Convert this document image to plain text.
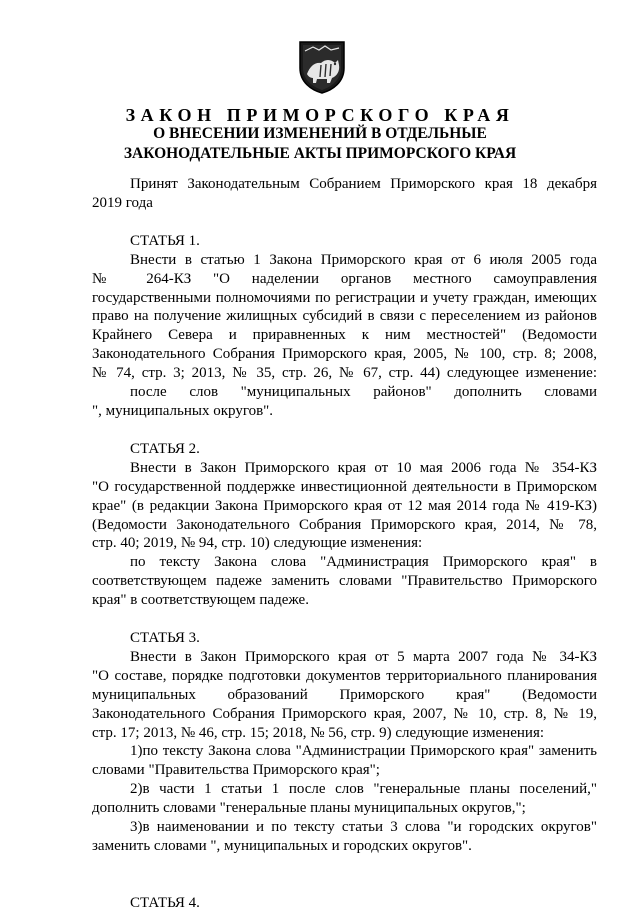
ЗАКОН ПРИМОРСКОГО КРАЯ
О ВНЕСЕНИИ ИЗМЕНЕНИЙ В ОТДЕЛЬНЫЕ
ЗАКОНОДАТЕЛЬНЫЕ АКТЫ ПРИМОРСКОГО КРАЯ

Принят Законодательным Собранием Приморского края 18 декабря

2019 года

СТАТЬЯ 1.

Внести в статью 1 Закона Приморского края от 6 июля 2005 года

№ 264-КЗ "О наделении органов местного самоуправления

государственными полномочиями по регистрации и учету граждан, имеющих

право на получение жилищных субсидий в связи с переселением из районов

Крайнего Севера и приравненных к ним местностей" (Ведомости

Законодательного Собрания Приморского края, 2005, № 100, стр. 8; 2008,

№ 74, стр. 3; 2013, № 35, стр. 26, № 67, стр. 44) следующее изменение:

после слов "муниципальных районов" дополнить словами

", муниципальных округов".

СТАТЬЯ 2.

Внести в Закон Приморского края от 10 мая 2006 года № 354-КЗ

"О государственной поддержке инвестиционной деятельности в Приморском

крае" (в редакции Закона Приморского края от 12 мая 2014 года № 419-КЗ)

(Ведомости Законодательного Собрания Приморского края, 2014, № 78,

стр. 40; 2019, № 94, стр. 10) следующие изменения:

по тексту Закона слова "Администрация Приморского края" в

соответствующем падеже заменить словами "Правительство Приморского

края" в соответствующем падеже.

СТАТЬЯ 3.

Внести в Закон Приморского края от 5 марта 2007 года № 34-КЗ

"О составе, порядке подготовки документов территориального планирования

муниципальных образований Приморского края" (Ведомости

Законодательного Собрания Приморского края, 2007, № 10, стр. 8, № 19,

стр. 17; 2013, № 46, стр. 15; 2018, № 56, стр. 9) следующие изменения:

1)по тексту Закона слова "Администрации Приморского края" заменить

словами "Правительства Приморского края";

2)в части 1 статьи 1 после слов "генеральные планы поселений,"

дополнить словами "генеральные планы муниципальных округов,";

3)в наименовании и по тексту статьи 3 слова "и городских округов"

заменить словами ", муниципальных и городских округов".

СТАТЬЯ 4.
